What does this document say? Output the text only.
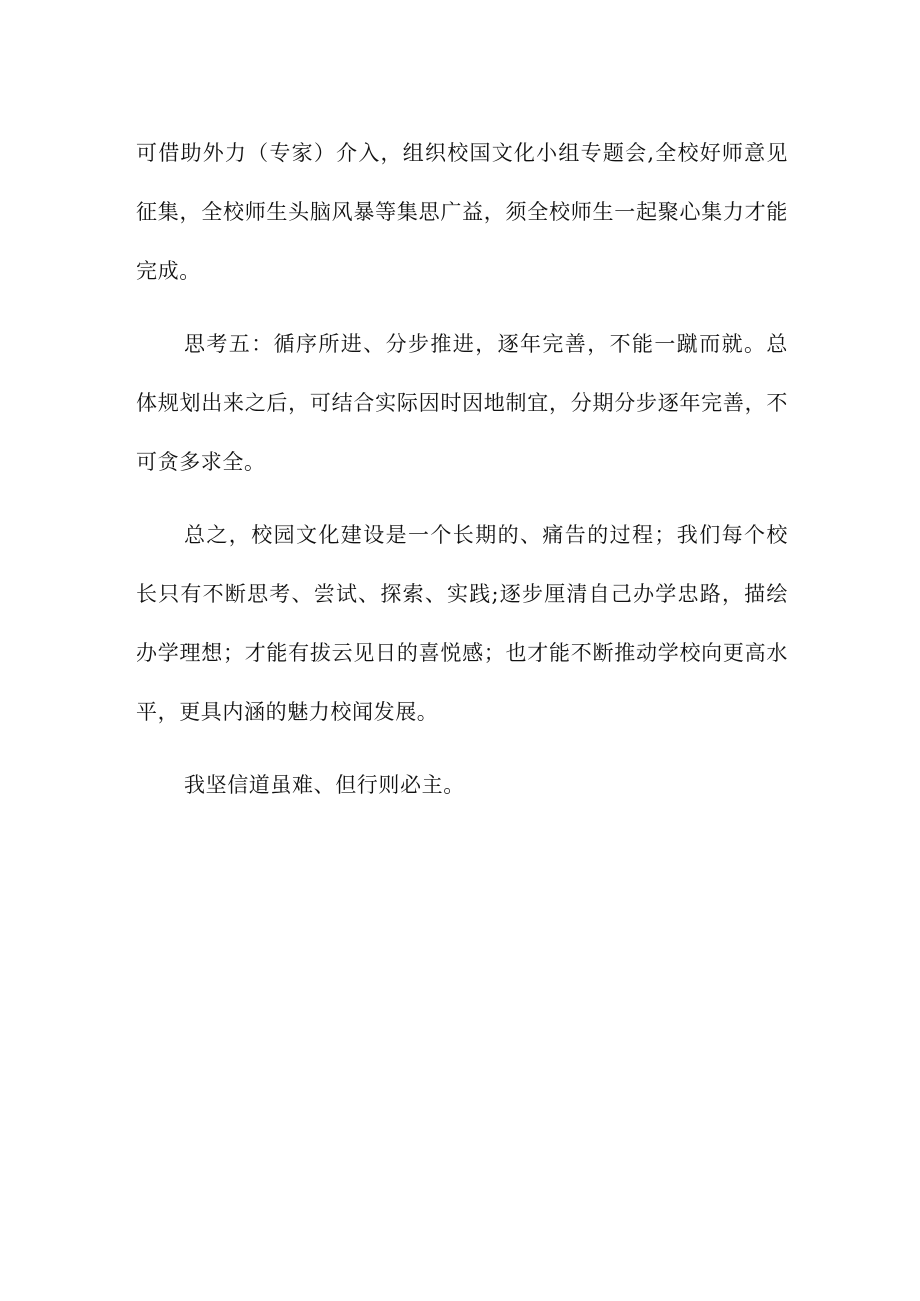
可借助外力（专家）介入，组织校国文化小组专题会,全校好师意见征集，全校师生头脑风暴等集思广益，须全校师生一起聚心集力才能完成。

思考五：循序所进、分步推进，逐年完善，不能一蹴而就。总体规划出来之后，可结合实际因时因地制宜，分期分步逐年完善，不可贪多求全。

总之，校园文化建设是一个长期的、痛告的过程；我们每个校长只有不断思考、尝试、探索、实践;逐步厘清自己办学忠路，描绘办学理想；才能有拔云见日的喜悦感；也才能不断推动学校向更高水平，更具内涵的魅力校闻发展。

我坚信道虽难、但行则必主。
